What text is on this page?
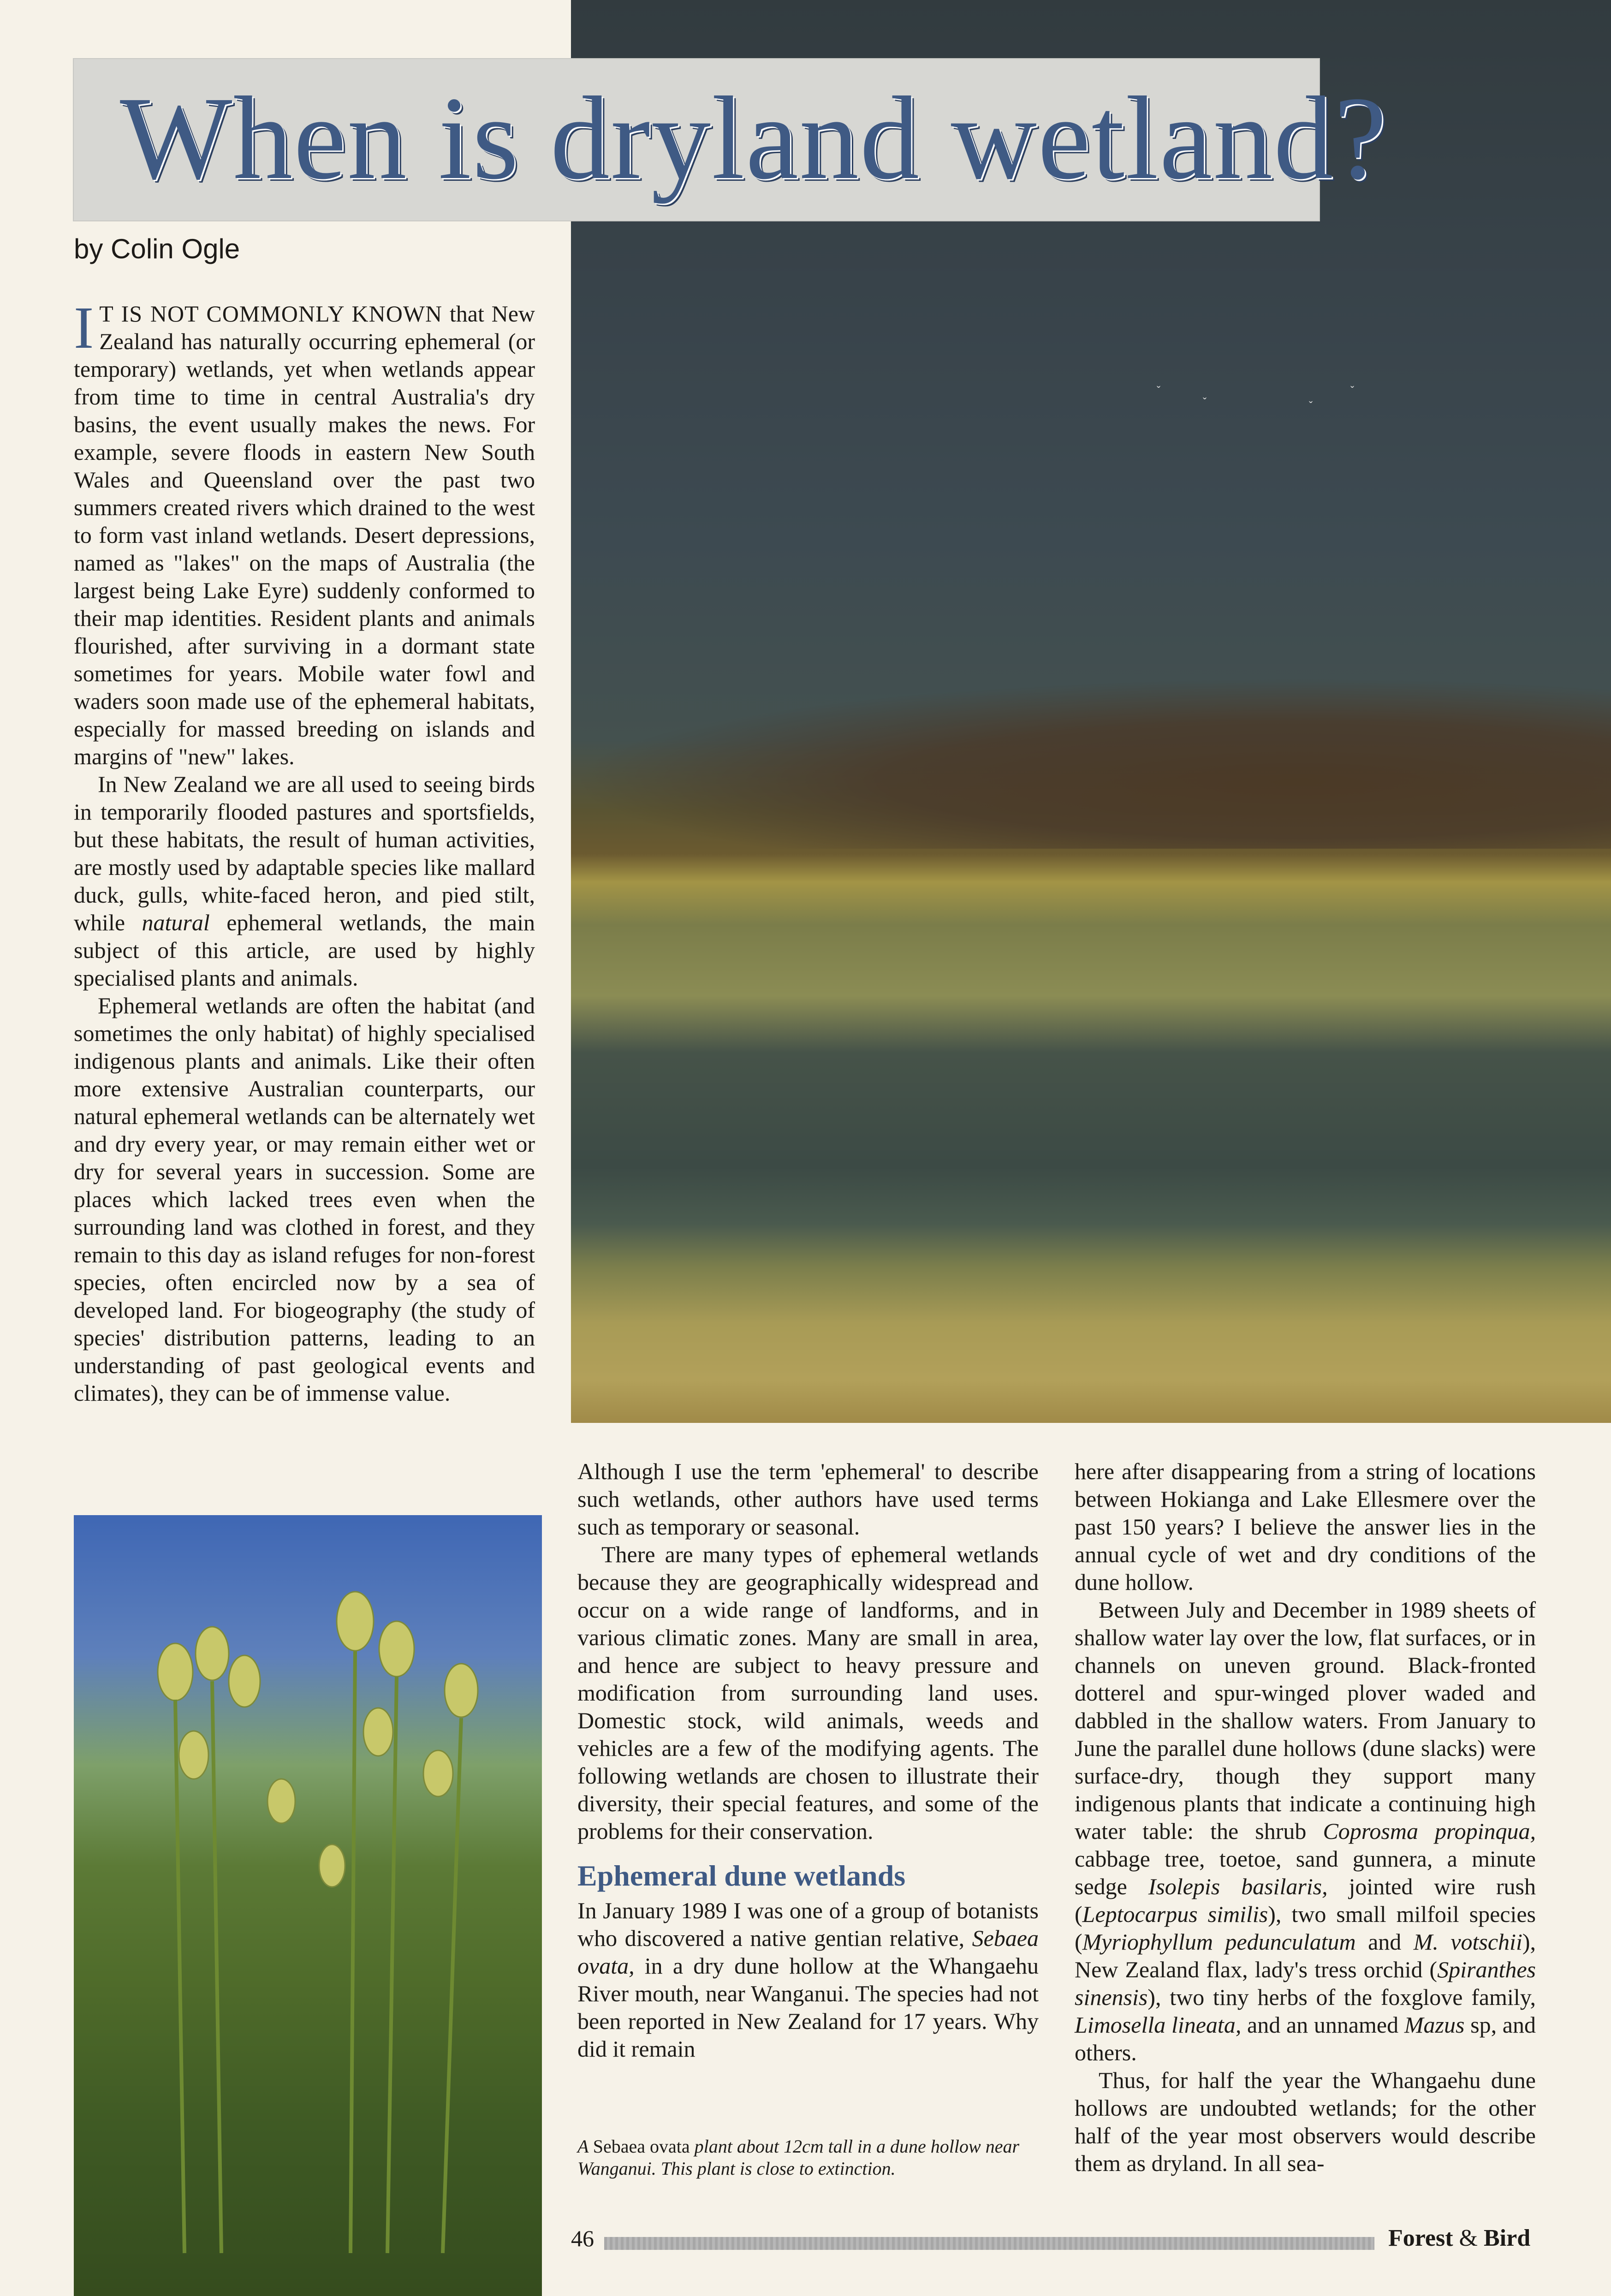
ˇ
ˇ	ˇ
ˇ
When is dryland wetland?

by Colin Ogle

I T IS NOT COMMONLY KNOWN that New Zealand has naturally occurring ephemeral (or temporary) wetlands, yet when wetlands appear from time to time in central Australia's dry basins, the event usually makes the news. For example, severe floods in eastern New South Wales and Queensland over the past two summers created rivers which drained to the west to form vast inland wetlands. Desert depressions, named as "lakes" on the maps of Australia (the largest being Lake Eyre) suddenly conformed to their map identities. Resident plants and animals flourished, after surviving in a dormant state sometimes for years. Mobile water fowl and waders soon made use of the ephemeral habitats, especially for massed breeding on islands and margins of "new" lakes.

In New Zealand we are all used to seeing birds in temporarily flooded pastures and sportsfields, but these habitats, the result of human activities, are mostly used by adaptable species like mallard duck, gulls, white-faced heron, and pied stilt, while natural ephemeral wetlands, the main subject of this article, are used by highly specialised plants and animals.

Ephemeral wetlands are often the habitat (and sometimes the only habitat) of highly specialised indigenous plants and animals. Like their often more extensive Australian counterparts, our natural ephemeral wetlands can be alternately wet and dry every year, or may remain either wet or dry for several years in succession. Some are places which lacked trees even when the surrounding land was clothed in forest, and they remain to this day as island refuges for non-forest species, often encircled now by a sea of developed land. For biogeography (the study of species' distribution patterns, leading to an understanding of past geological events and climates), they can be of immense value.

Although I use the term 'ephemeral' to describe such wetlands, other authors have used terms such as temporary or seasonal.

There are many types of ephemeral wetlands because they are geographically widespread and occur on a wide range of landforms, and in various climatic zones. Many are small in area, and hence are subject to heavy pressure and modification from surrounding land uses. Domestic stock, wild animals, weeds and vehicles are a few of the modifying agents. The following wetlands are chosen to illustrate their diversity, their special features, and some of the problems for their conservation.

Ephemeral dune wetlands

In January 1989 I was one of a group of botanists who discovered a native gentian relative, Sebaea ovata, in a dry dune hollow at the Whangaehu River mouth, near Wanganui. The species had not been reported in New Zealand for 17 years. Why did it remain

here after disappearing from a string of locations between Hokianga and Lake Ellesmere over the past 150 years? I believe the answer lies in the annual cycle of wet and dry conditions of the dune hollow.

Between July and December in 1989 sheets of shallow water lay over the low, flat surfaces, or in channels on uneven ground. Black-fronted dotterel and spur-winged plover waded and dabbled in the shallow waters. From January to June the parallel dune hollows (dune slacks) were surface-dry, though they support many indigenous plants that indicate a continuing high water table: the shrub Coprosma propinqua, cabbage tree, toetoe, sand gunnera, a minute sedge Isolepis basilaris, jointed wire rush (Leptocarpus similis), two small milfoil species (Myriophyllum pedunculatum and M. votschii), New Zealand flax, lady's tress orchid (Spiranthes sinensis), two tiny herbs of the foxglove family, Limosella lineata, and an unnamed Mazus sp, and others.

Thus, for half the year the Whangaehu dune hollows are undoubted wetlands; for the other half of the year most observers would describe them as dryland. In all sea-

A Sebaea ovata plant about 12cm tall in a dune hollow near Wanganui. This plant is close to extinction.

46	Forest & Bird
